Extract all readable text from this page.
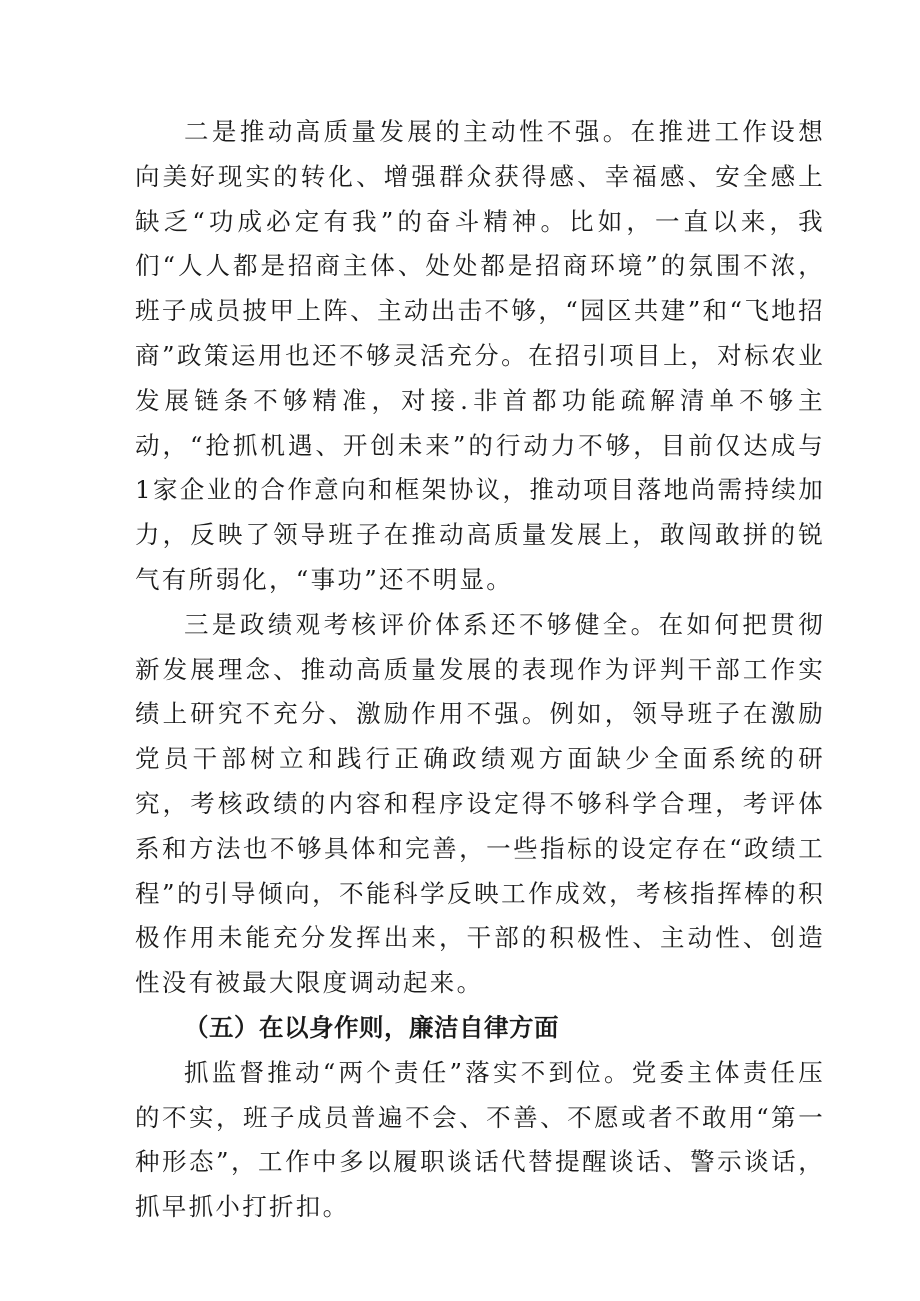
二是推动高质量发展的主动性不强。在推进工作设想向美好现实的转化、增强群众获得感、幸福感、安全感上缺乏“功成必定有我”的奋斗精神。比如，一直以来，我们“人人都是招商主体、处处都是招商环境”的氛围不浓，班子成员披甲上阵、主动出击不够，“园区共建”和“飞地招商”政策运用也还不够灵活充分。在招引项目上，对标农业发展链条不够精准，对接.非首都功能疏解清单不够主动，“抢抓机遇、开创未来”的行动力不够，目前仅达成与1家企业的合作意向和框架协议，推动项目落地尚需持续加力，反映了领导班子在推动高质量发展上，敢闯敢拼的锐气有所弱化，“事功”还不明显。

三是政绩观考核评价体系还不够健全。在如何把贯彻新发展理念、推动高质量发展的表现作为评判干部工作实绩上研究不充分、激励作用不强。例如，领导班子在激励党员干部树立和践行正确政绩观方面缺少全面系统的研究，考核政绩的内容和程序设定得不够科学合理，考评体系和方法也不够具体和完善，一些指标的设定存在“政绩工程”的引导倾向，不能科学反映工作成效，考核指挥棒的积极作用未能充分发挥出来，干部的积极性、主动性、创造性没有被最大限度调动起来。

（五）在以身作则，廉洁自律方面

抓监督推动“两个责任”落实不到位。党委主体责任压的不实，班子成员普遍不会、不善、不愿或者不敢用“第一种形态”，工作中多以履职谈话代替提醒谈话、警示谈话，抓早抓小打折扣。
